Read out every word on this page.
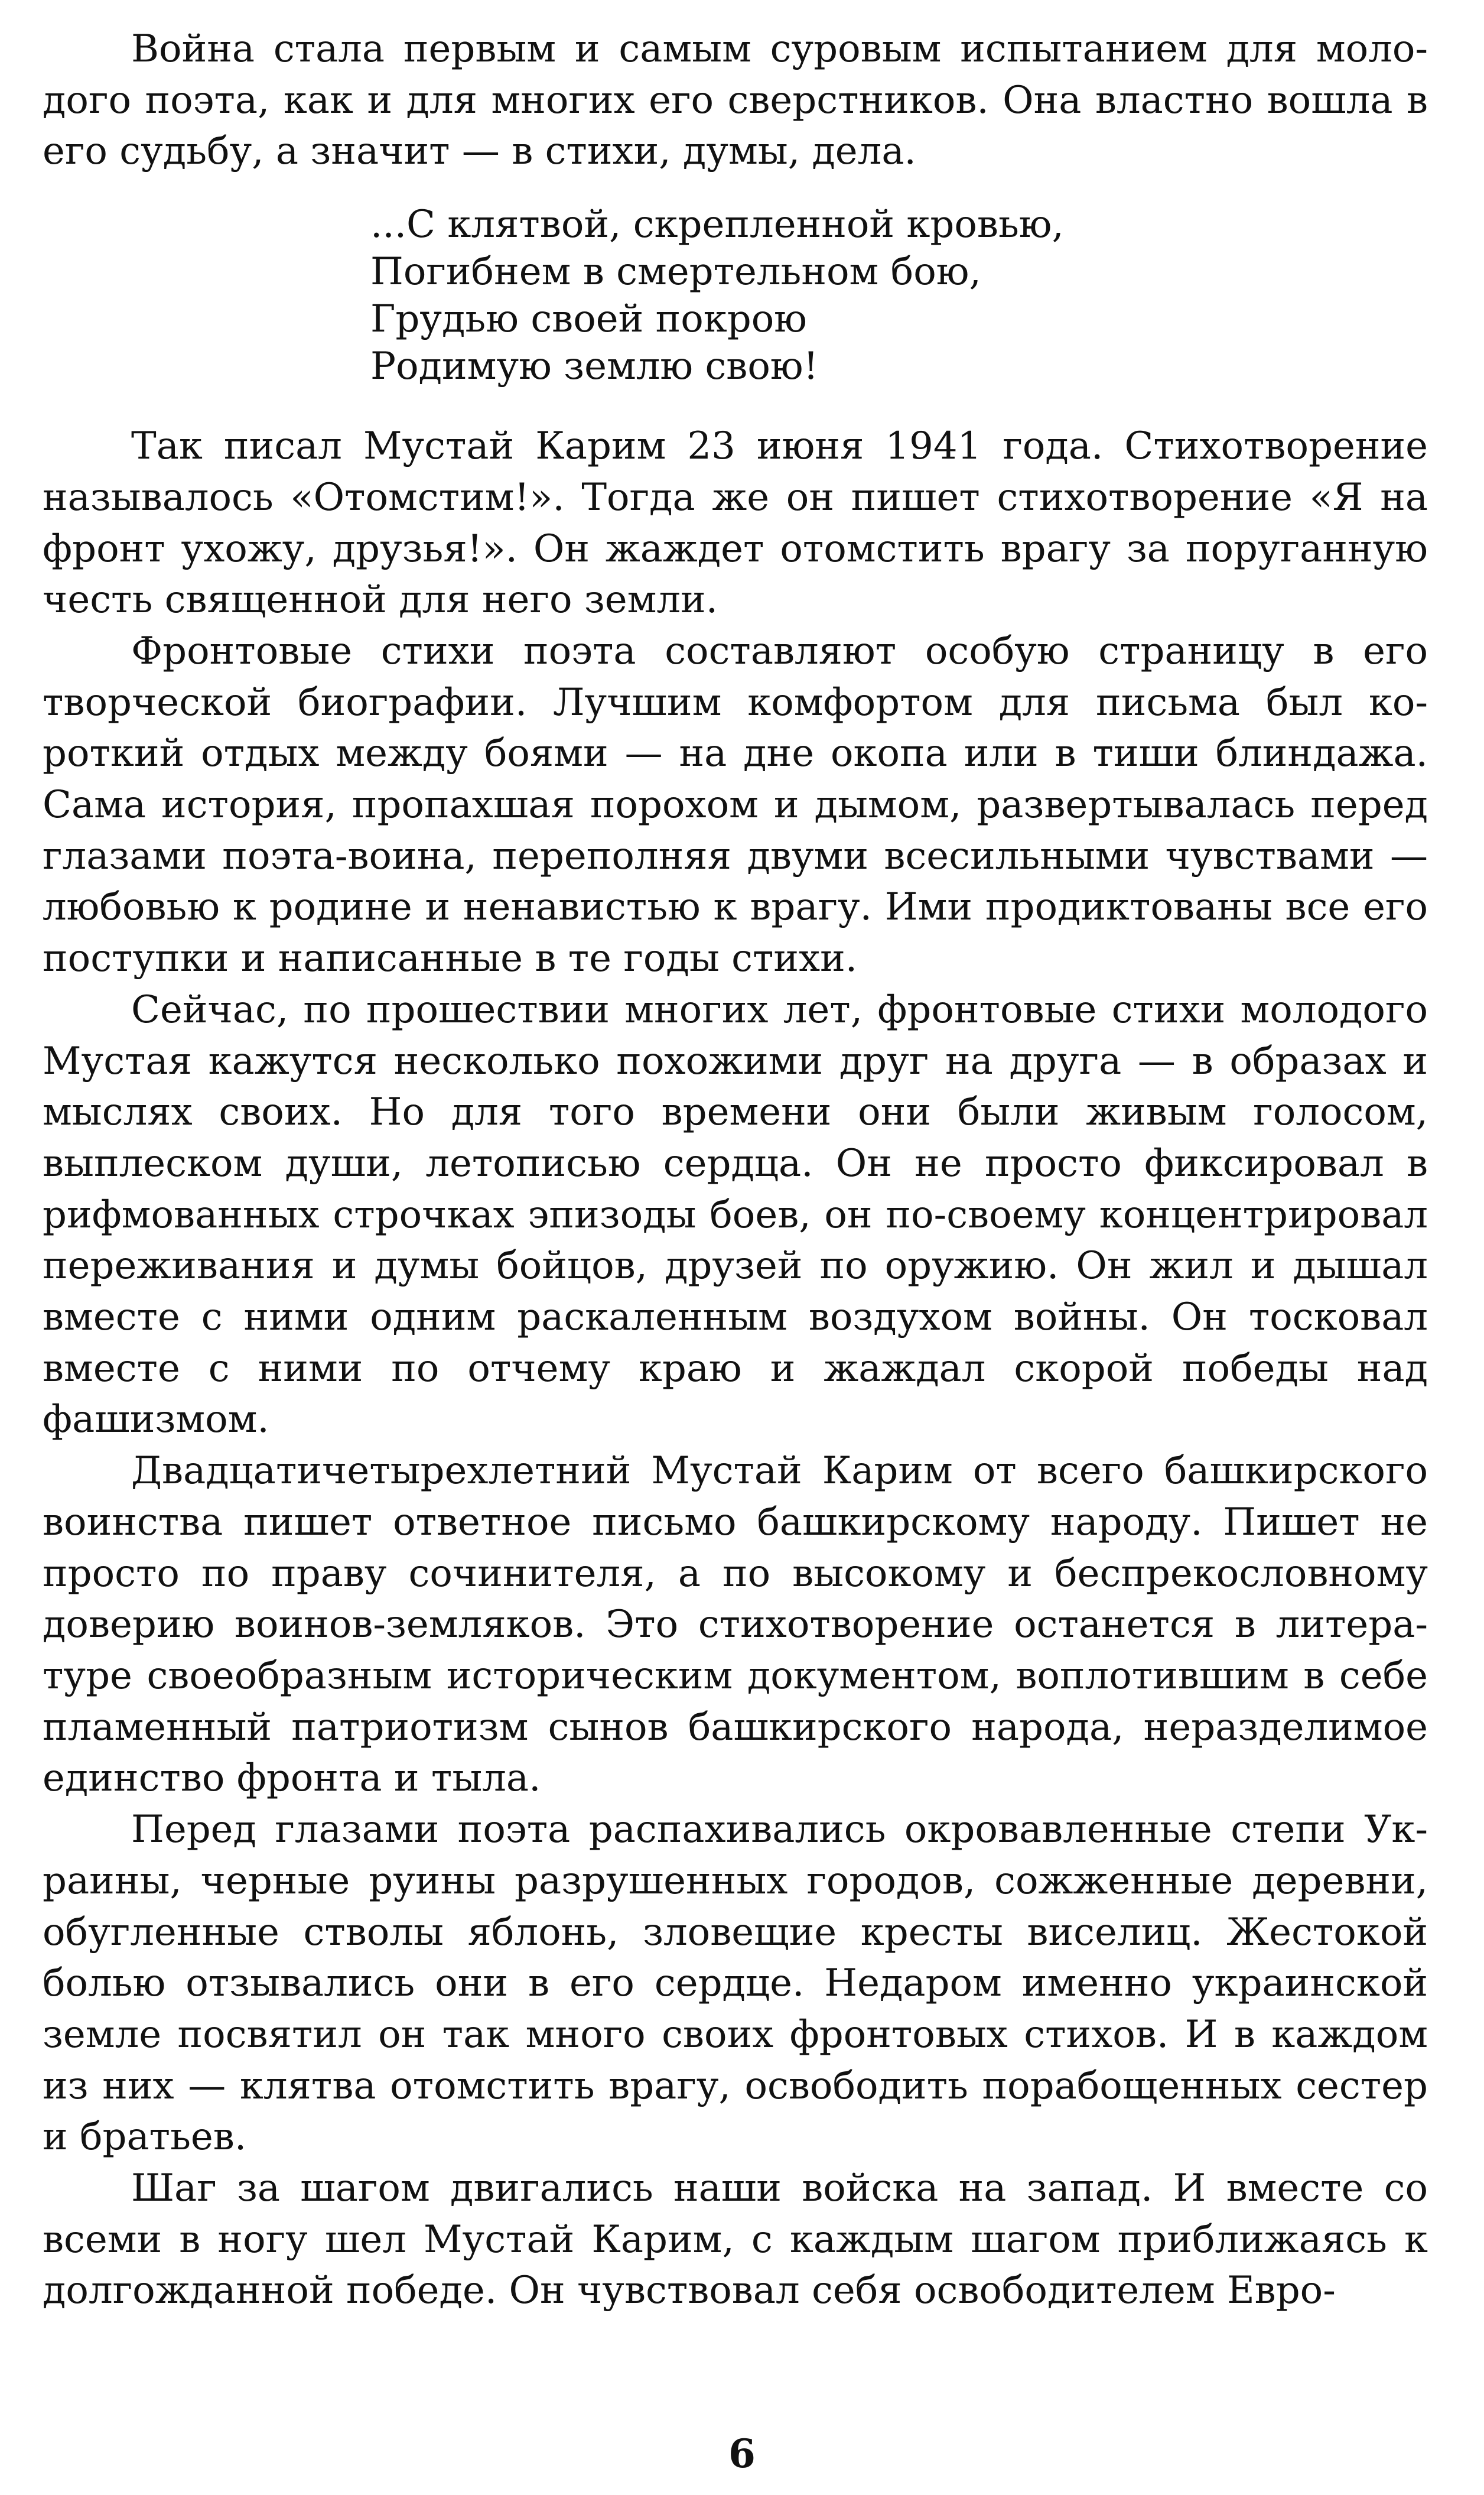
Война стала первым и самым суровым испытанием для молодого поэта, как и для многих его сверстников. Она властно вошла в его судьбу, а значит — в стихи, думы, дела.

...С клятвой, скрепленной кровью,
Погибнем в смертельном бою,
Грудью своей покрою
Родимую землю свою!

Так писал Мустай Карим 23 июня 1941 года. Стихотворение называлось «Отомстим!». Тогда же он пишет стихотворение «Я на фронт ухожу, друзья!». Он жаждет отомстить врагу за поруганную честь священной для него земли.

Фронтовые стихи поэта составляют особую страницу в его творческой биографии. Лучшим комфортом для письма был короткий отдых между боями — на дне окопа или в тиши блиндажа. Сама история, пропахшая порохом и дымом, развертывалась перед глазами поэта-воина, переполняя двуми всесильными чувствами — любовью к родине и ненавистью к врагу. Ими продиктованы все его поступки и написанные в те годы стихи.

Сейчас, по прошествии многих лет, фронтовые стихи молодого Мустая кажутся несколько похожими друг на друга — в образах и мыслях своих. Но для того времени они были живым голосом, выплеском души, летописью сердца. Он не просто фиксировал в рифмованных строчках эпизоды боев, он по-своему концентрировал переживания и думы бойцов, друзей по оружию. Он жил и дышал вместе с ними одним раскаленным воздухом войны. Он тосковал вместе с ними по отчему краю и жаждал скорой победы над фашизмом.

Двадцатичетырехлетний Мустай Карим от всего башкирского воинства пишет ответное письмо башкирскому народу. Пишет не просто по праву сочинителя, а по высокому и беспрекословному доверию воинов-земляков. Это стихотворение останется в литературе своеобразным историческим документом, воплотившим в себе пламенный патриотизм сынов башкирского народа, неразделимое единство фронта и тыла.

Перед глазами поэта распахивались окровавленные степи Украины, черные руины разрушенных городов, сожженные деревни, обугленные стволы яблонь, зловещие кресты виселиц. Жестокой болью отзывались они в его сердце. Недаром именно украинской земле посвятил он так много своих фронтовых стихов. И в каждом из них — клятва отомстить врагу, освободить порабощенных сестер и братьев.

Шаг за шагом двигались наши войска на запад. И вместе со всеми в ногу шел Мустай Карим, с каждым шагом приближаясь к долгожданной победе. Он чувствовал себя освободителем Евро-

6
